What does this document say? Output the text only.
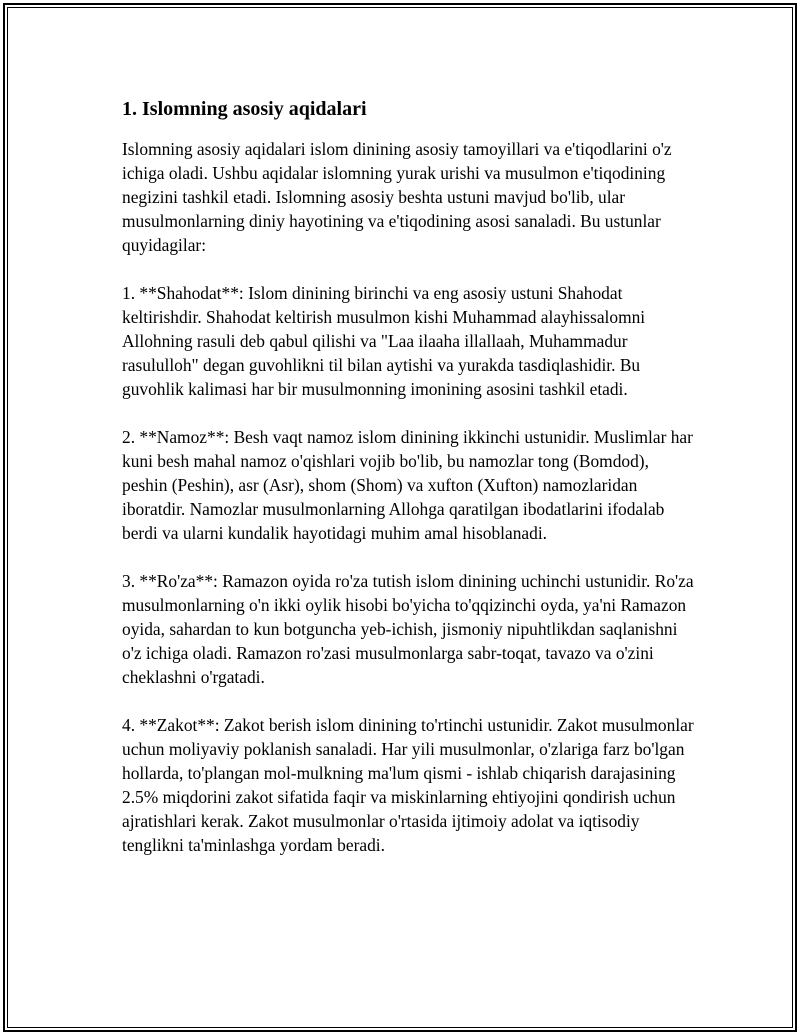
1. Islomning asosiy aqidalari

Islomning asosiy aqidalari islom dinining asosiy tamoyillari va e'tiqodlarini o'z ichiga oladi. Ushbu aqidalar islomning yurak urishi va musulmon e'tiqodining negizini tashkil etadi. Islomning asosiy beshta ustuni mavjud bo'lib, ular musulmonlarning diniy hayotining va e'tiqodining asosi sanaladi. Bu ustunlar quyidagilar:

1. **Shahodat**: Islom dinining birinchi va eng asosiy ustuni Shahodat keltirishdir. Shahodat keltirish musulmon kishi Muhammad alayhissalomni Allohning rasuli deb qabul qilishi va "Laa ilaaha illallaah, Muhammadur rasululloh" degan guvohlikni til bilan aytishi va yurakda tasdiqlashidir. Bu guvohlik kalimasi har bir musulmonning imonining asosini tashkil etadi.

2. **Namoz**: Besh vaqt namoz islom dinining ikkinchi ustunidir. Muslimlar har kuni besh mahal namoz o'qishlari vojib bo'lib, bu namozlar tong (Bomdod), peshin (Peshin), asr (Asr), shom (Shom) va xufton (Xufton) namozlaridan iboratdir. Namozlar musulmonlarning Allohga qaratilgan ibodatlarini ifodalab berdi va ularni kundalik hayotidagi muhim amal hisoblanadi.

3. **Ro'za**: Ramazon oyida ro'za tutish islom dinining uchinchi ustunidir. Ro'za musulmonlarning o'n ikki oylik hisobi bo'yicha to'qqizinchi oyda, ya'ni Ramazon oyida, sahardan to kun botguncha yeb-ichish, jismoniy nipuhtlikdan saqlanishni o'z ichiga oladi. Ramazon ro'zasi musulmonlarga sabr-toqat, tavazo va o'zini cheklashni o'rgatadi.

4. **Zakot**: Zakot berish islom dinining to'rtinchi ustunidir. Zakot musulmonlar uchun moliyaviy poklanish sanaladi. Har yili musulmonlar, o'zlariga farz bo'lgan hollarda, to'plangan mol-mulkning ma'lum qismi - ishlab chiqarish darajasining 2.5% miqdorini zakot sifatida faqir va miskinlarning ehtiyojini qondirish uchun ajratishlari kerak. Zakot musulmonlar o'rtasida ijtimoiy adolat va iqtisodiy tenglikni ta'minlashga yordam beradi.
